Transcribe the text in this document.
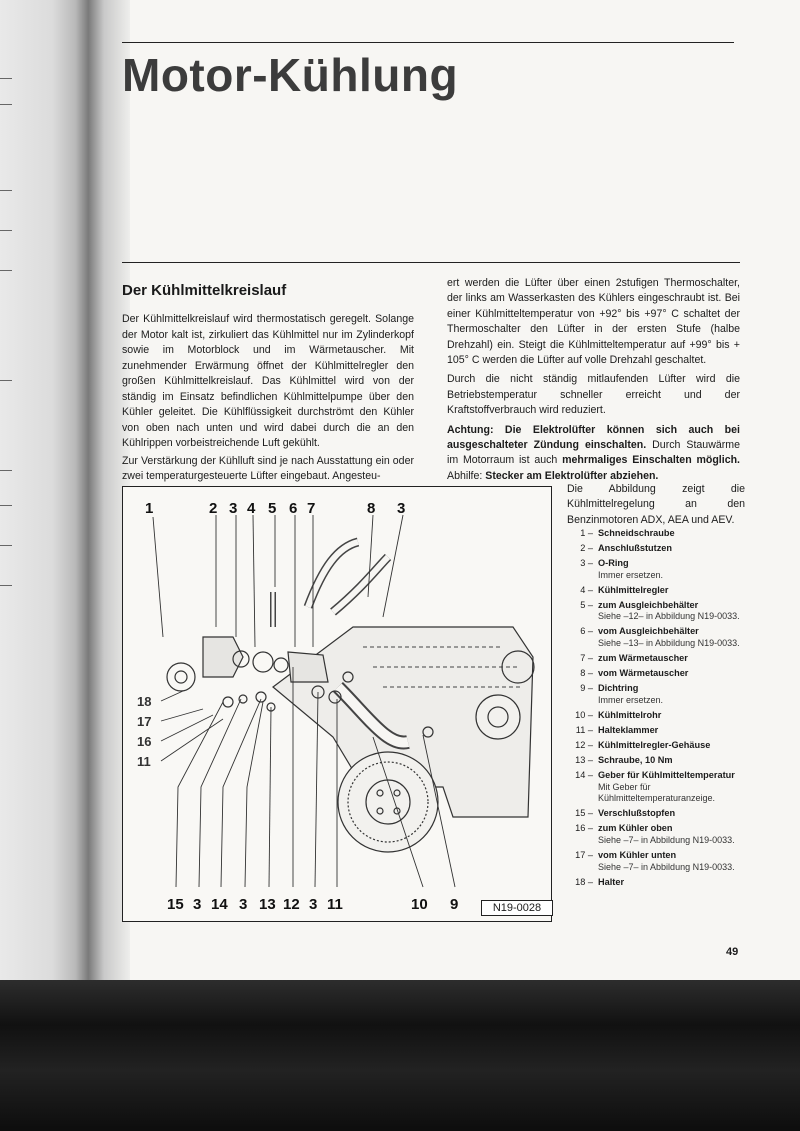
Motor-Kühlung
Der Kühlmittelkreislauf

Der Kühlmittelkreislauf wird thermostatisch geregelt. Solange der Motor kalt ist, zirkuliert das Kühlmittel nur im Zylinderkopf sowie im Motorblock und im Wärmetauscher. Mit zunehmender Erwärmung öffnet der Kühlmittelregler den großen Kühlmittelkreislauf. Das Kühlmittel wird von der ständig im Einsatz befindlichen Kühlmittelpumpe über den Kühler geleitet. Die Kühlflüssigkeit durchströmt den Kühler von oben nach unten und wird dabei durch die an den Kühlrippen vorbeistreichende Luft gekühlt.

Zur Verstärkung der Kühlluft sind je nach Ausstattung ein oder zwei temperaturgesteuerte Lüfter eingebaut. Angesteu-

ert werden die Lüfter über einen 2stufigen Thermoschalter, der links am Wasserkasten des Kühlers eingeschraubt ist. Bei einer Kühlmitteltemperatur von +92° bis +97° C schaltet der Thermoschalter den Lüfter in der ersten Stufe (halbe Drehzahl) ein. Steigt die Kühlmitteltemperatur auf +99° bis + 105° C werden die Lüfter auf volle Drehzahl geschaltet.

Durch die nicht ständig mitlaufenden Lüfter wird die Betriebstemperatur schneller erreicht und der Kraftstoffverbrauch wird reduziert.

Achtung: Die Elektrolüfter können sich auch bei ausgeschalteter Zündung einschalten. Durch Stauwärme im Motorraum ist auch mehrmaliges Einschalten möglich. Abhilfe: Stecker am Elektrolüfter abziehen.

1	2 3 4 5 6 7	8 3
18
17
16
11
15 3 14 3 13 12 3 11	10 9	N19-0028
Die Abbildung zeigt die Kühlmittelregelung an den Benzinmotoren ADX, AEA und AEV.
1 – Schneidschraube
2 – Anschlußstutzen
3 – O-Ring
Immer ersetzen.
4 – Kühlmittelregler
5 – zum Ausgleichbehälter
Siehe –12– in Abbildung N19-0033.
6 – vom Ausgleichbehälter
Siehe –13– in Abbildung N19-0033.
7 – zum Wärmetauscher
8 – vom Wärmetauscher
9 – Dichtring
Immer ersetzen.
10 – Kühlmittelrohr
11 – Halteklammer
12 – Kühlmittelregler-Gehäuse
13 – Schraube, 10 Nm
14 – Geber für Kühlmitteltemperatur
Mit Geber für Kühlmitteltemperaturanzeige.
15 – Verschlußstopfen
16 – zum Kühler oben
Siehe –7– in Abbildung N19-0033.
17 – vom Kühler unten
Siehe –7– in Abbildung N19-0033.
18 – Halter
49
